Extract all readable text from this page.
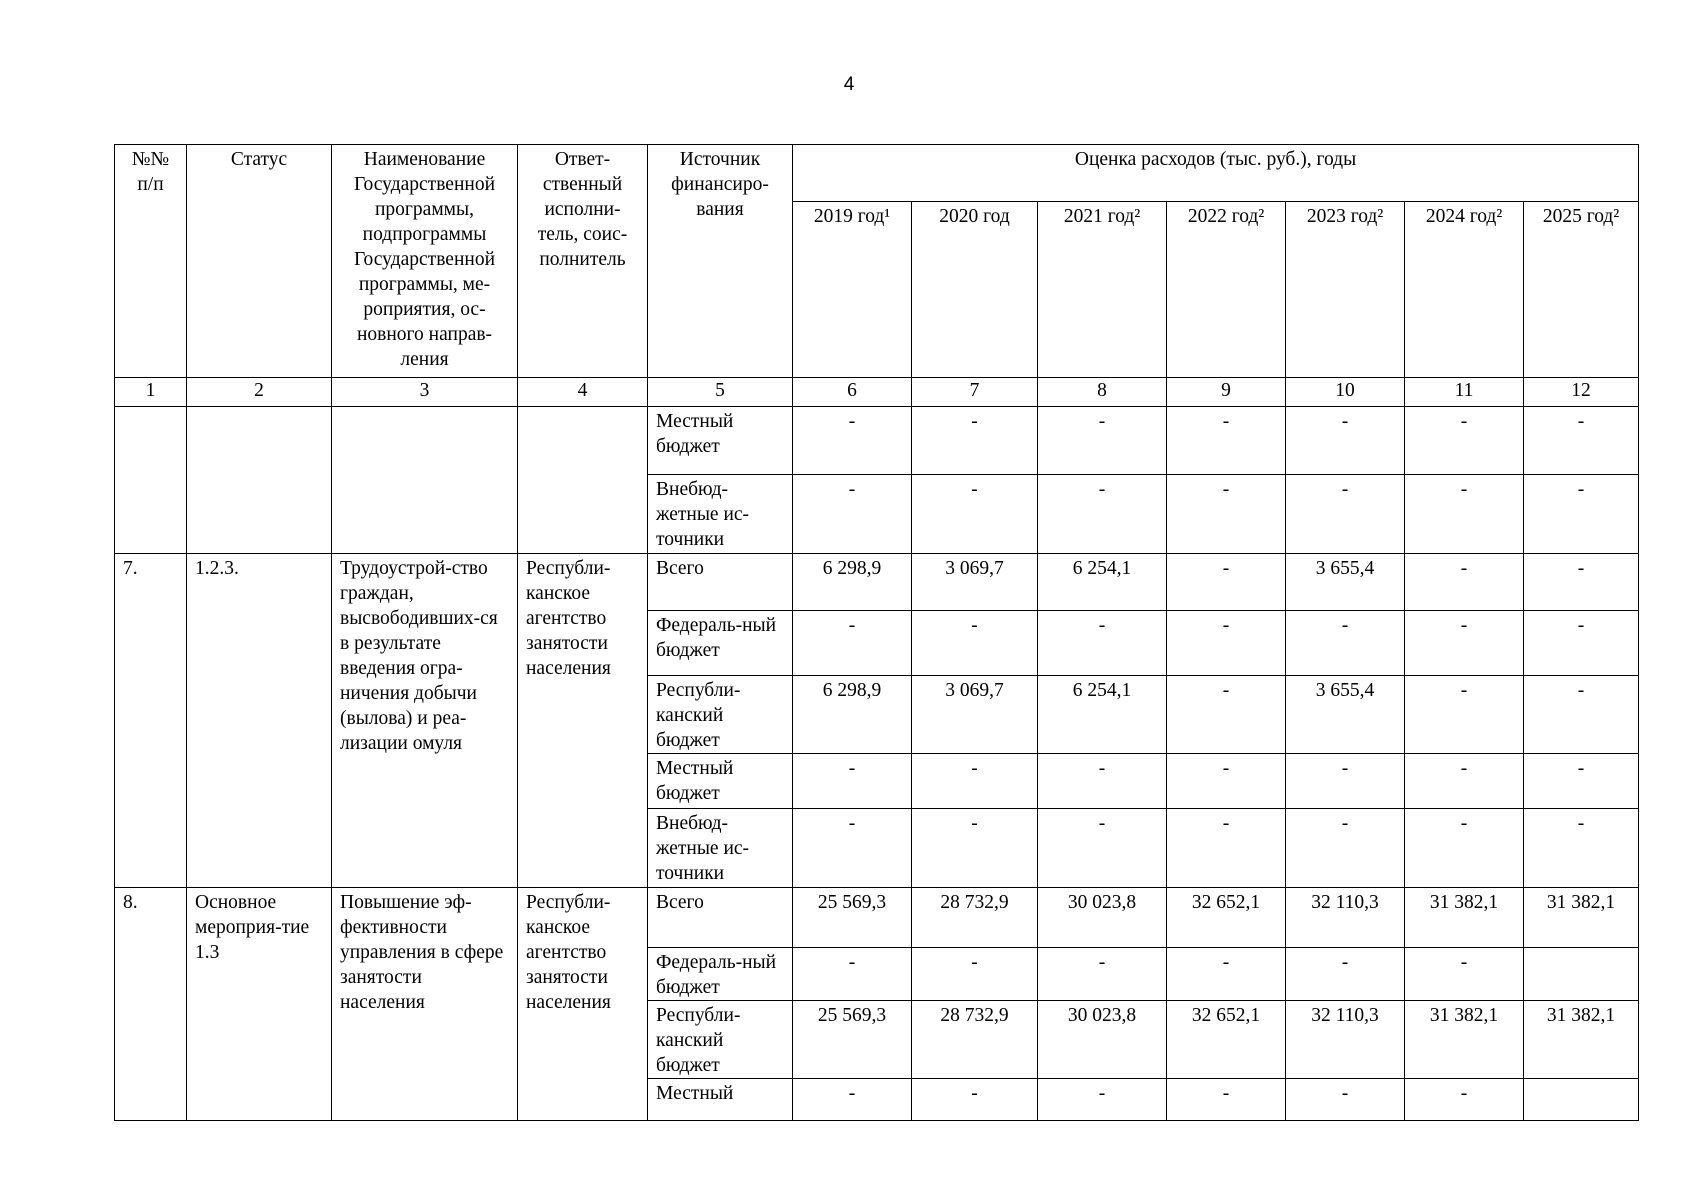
4
№№ п/п	Статус	Наименование Государственной программы, подпрограммы Государственной программы, ме-роприятия, ос-новного направ-ления	Ответ-ственный исполни-тель, соис-полнитель	Источник финансиро-вания	Оценка расходов (тыс. руб.), годы						
					2019 год¹	2020 год	2021 год²	2022 год²	2023 год²	2024 год²	2025 год²
1	2	3	4	5	6	7	8	9	10	11	12
				Местный бюджет	-	-	-	-	-	-	-
				Внебюд-жетные ис-точники	-	-	-	-	-	-	-
7.	1.2.3.	Трудоустрой-ство граждан, высвободивших-ся в результате введения огра-ничения добычи (вылова) и реа-лизации омуля	Республи-канское агентство занятости населения	Всего	6 298,9	3 069,7	6 254,1	-	3 655,4	-	-
				Федераль-ный бюджет	-	-	-	-	-	-	-
				Республи-канский бюджет	6 298,9	3 069,7	6 254,1	-	3 655,4	-	-
				Местный бюджет	-	-	-	-	-	-	-
				Внебюд-жетные ис-точники	-	-	-	-	-	-	-
8.	Основное мероприя-тие 1.3	Повышение эф-фективности управления в сфере занятости населения	Республи-канское агентство занятости населения	Всего	25 569,3	28 732,9	30 023,8	32 652,1	32 110,3	31 382,1	31 382,1
				Федераль-ный бюджет	-	-	-	-	-	-	
				Республи-канский бюджет	25 569,3	28 732,9	30 023,8	32 652,1	32 110,3	31 382,1	31 382,1
				Местный	-	-	-	-	-	-	
